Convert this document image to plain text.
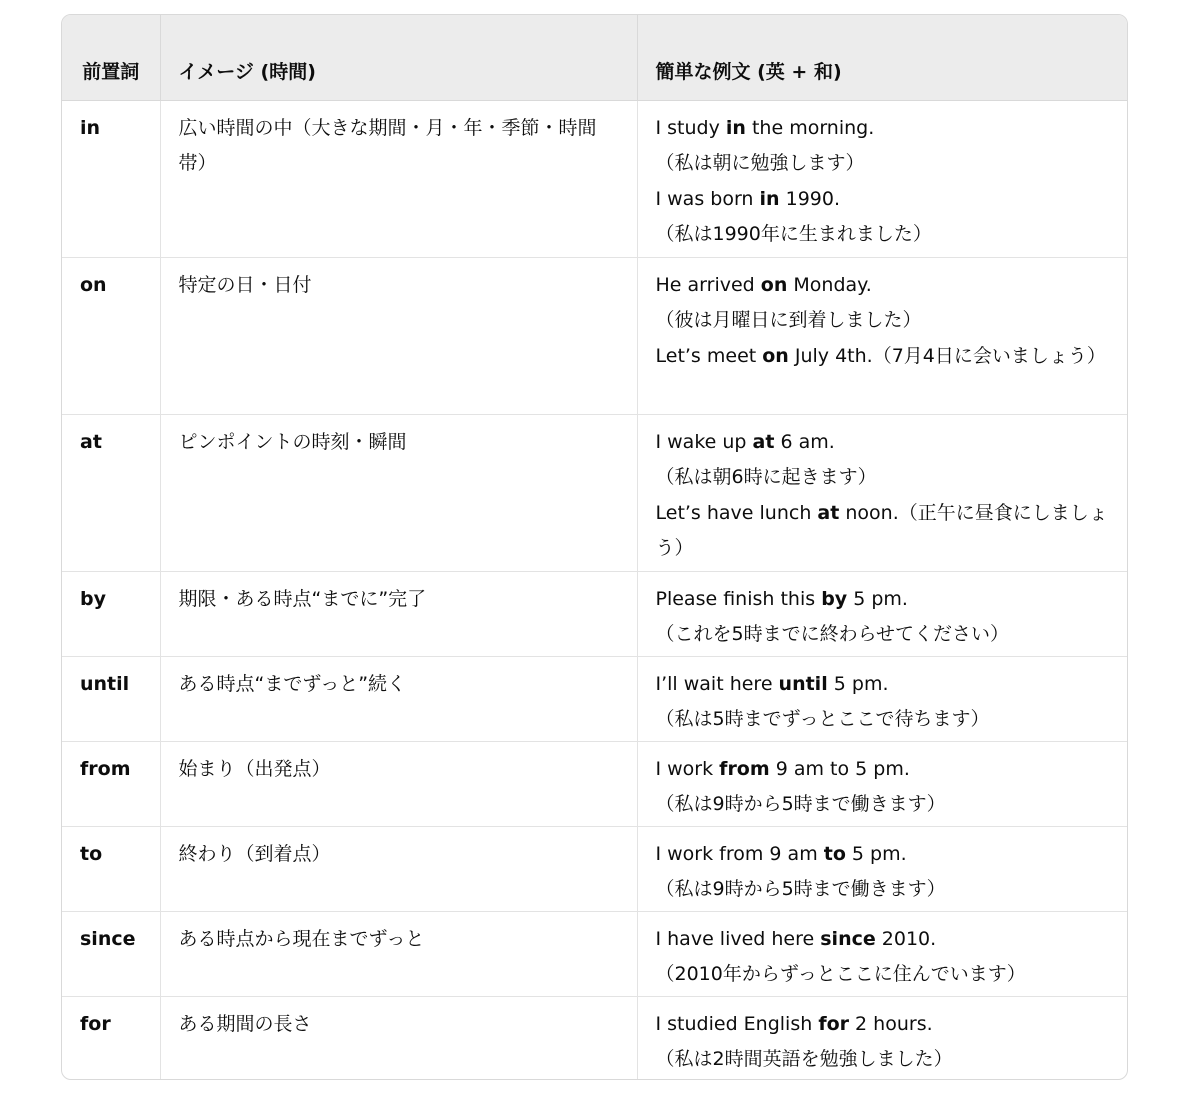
前置詞	イメージ (時間)	簡単な例文 (英 + 和)
in	広い時間の中（大きな期間・月・年・季節・時間帯）	I study in the morning.
（私は朝に勉強します）
I was born in 1990.（私は1990年に生まれました）

on	特定の日・日付	He arrived on Monday.
（彼は月曜日に到着しました）
Let’s meet on July 4th.（7月4日に会いましょう）

at	ピンポイントの時刻・瞬間	I wake up at 6 am.
（私は朝6時に起きます）
Let’s have lunch at noon.（正午に昼食にしましょう）

by	期限・ある時点“までに”完了	Please finish this by 5 pm.
（これを5時までに終わらせてください）

until	ある時点“までずっと”続く	I’ll wait here until 5 pm.
（私は5時までずっとここで待ちます）

from	始まり（出発点）	I work from 9 am to 5 pm.
（私は9時から5時まで働きます）

to	終わり（到着点）	I work from 9 am to 5 pm.
（私は9時から5時まで働きます）

since	ある時点から現在までずっと	I have lived here since 2010.
（2010年からずっとここに住んでいます）

for	ある期間の長さ	I studied English for 2 hours.
（私は2時間英語を勉強しました）
